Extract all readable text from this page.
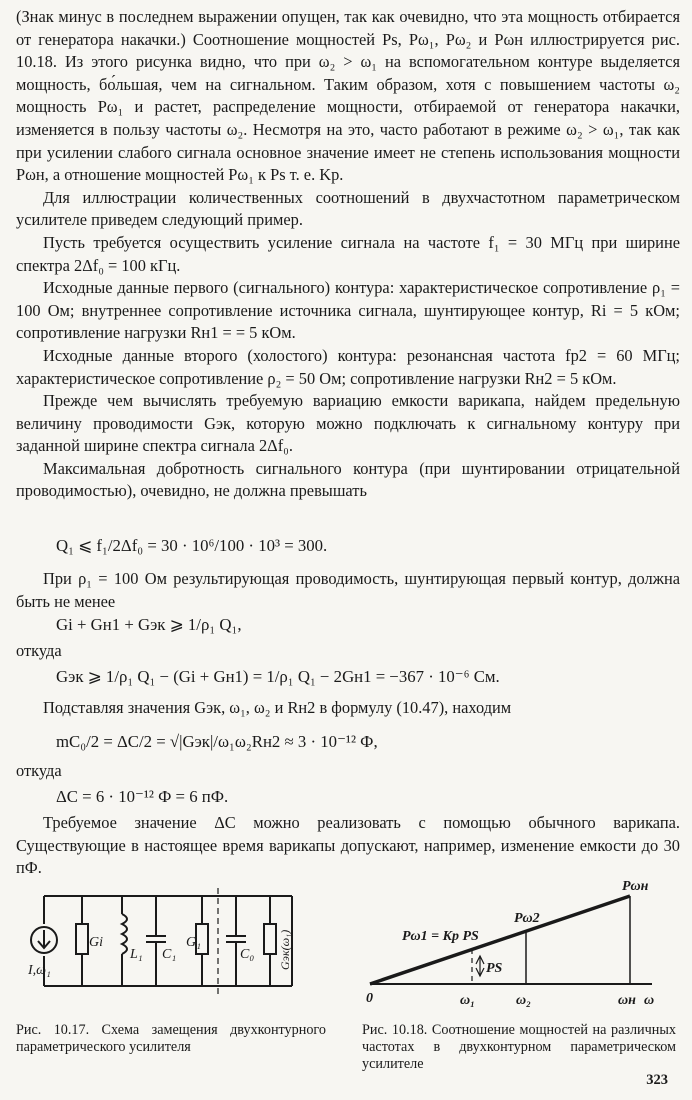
(Знак минус в последнем выражении опущен, так как очевидно, что эта мощность отбирается от генератора накачки.) Соотношение мощностей Ps, Pω₁, Pω₂ и Pωн иллюстрируется рис. 10.18. Из этого рисунка видно, что при ω₂ > ω₁ на вспомогательном контуре выделяется мощность, бо́льшая, чем на сигнальном. Таким образом, хотя с повышением частоты ω₂ мощность Pω₁ и растет, распределение мощности, отбираемой от генератора накачки, изменяется в пользу частоты ω₂. Несмотря на это, часто работают в режиме ω₂ > ω₁, так как при усилении слабого сигнала основное значение имеет не степень использования мощности Pωн, а отношение мощностей Pω₁ к Ps т. е. Kр.

Для иллюстрации количественных соотношений в двухчастотном параметрическом усилителе приведем следующий пример.

Пусть требуется осуществить усиление сигнала на частоте f₁ = 30 МГц при ширине спектра 2Δf₀ = 100 кГц.

Исходные данные первого (сигнального) контура: характеристическое сопротивление ρ₁ = 100 Ом; внутреннее сопротивление источника сигнала, шунтирующее контур, Ri = 5 кОм; сопротивление нагрузки Rн1 = = 5 кОм.

Исходные данные второго (холостого) контура: резонансная частота fр2 = 60 МГц; характеристическое сопротивление ρ₂ = 50 Ом; сопротивление нагрузки Rн2 = 5 кОм.

Прежде чем вычислять требуемую вариацию емкости варикапа, найдем предельную величину проводимости Gэк, которую можно подключать к сигнальному контуру при заданной ширине спектра сигнала 2Δf₀.

Максимальная добротность сигнального контура (при шунтировании отрицательной проводимостью), очевидно, не должна превышать

Q₁ ⩽ f₁/2Δf₀ = 30 · 10⁶/100 · 10³ = 300.

При ρ₁ = 100 Ом результирующая проводимость, шунтирующая первый контур, должна быть не менее

Gi + Gн1 + Gэк ⩾ 1/ρ₁ Q₁,
откуда
Gэк ⩾ 1/ρ₁ Q₁ − (Gi + Gн1) = 1/ρ₁ Q₁ − 2Gн1 = −367 · 10⁻⁶ См.
Подставляя значения Gэк, ω₁, ω₂ и Rн2 в формулу (10.47), находим
mC₀/2 = ΔC/2 = √|Gэк|/ω₁ω₂Rн2 ≈ 3 · 10⁻¹² Ф,
откуда
ΔC = 6 · 10⁻¹² Ф = 6 пФ.

Требуемое значение ΔC можно реализовать с помощью обычного варикапа. Существующие в настоящее время варикапы допускают, например, изменение емкости до 30 пФ.

I,ω₁
Gi
L₁ C₁
G₁
C₀ Gэк(ω₁)

Рис. 10.17. Схема замещения двухконтурного параметрического усилителя

0	ω₁	ω₂	ωн ω
Pωн
Pω2
Pω1 = Kр PS
PS

Рис. 10.18. Соотношение мощностей на различных частотах в двухконтурном параметрическом усилителе

323
